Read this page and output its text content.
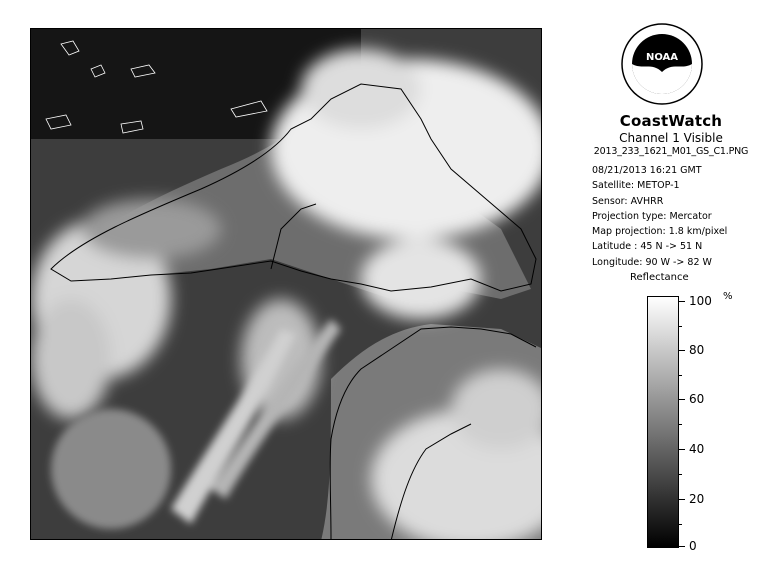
NOAA
CoastWatch
Channel 1 Visible
2013_233_1621_M01_GS_C1.PNG
08/21/2013 16:21 GMT
Satellite: METOP-1
Sensor: AVHRR
Projection type: Mercator
Map projection: 1.8 km/pixel
Latitude : 45 N -> 51 N
Longitude: 90 W -> 82 W
Reflectance
%
100
80
60
40
20
0
